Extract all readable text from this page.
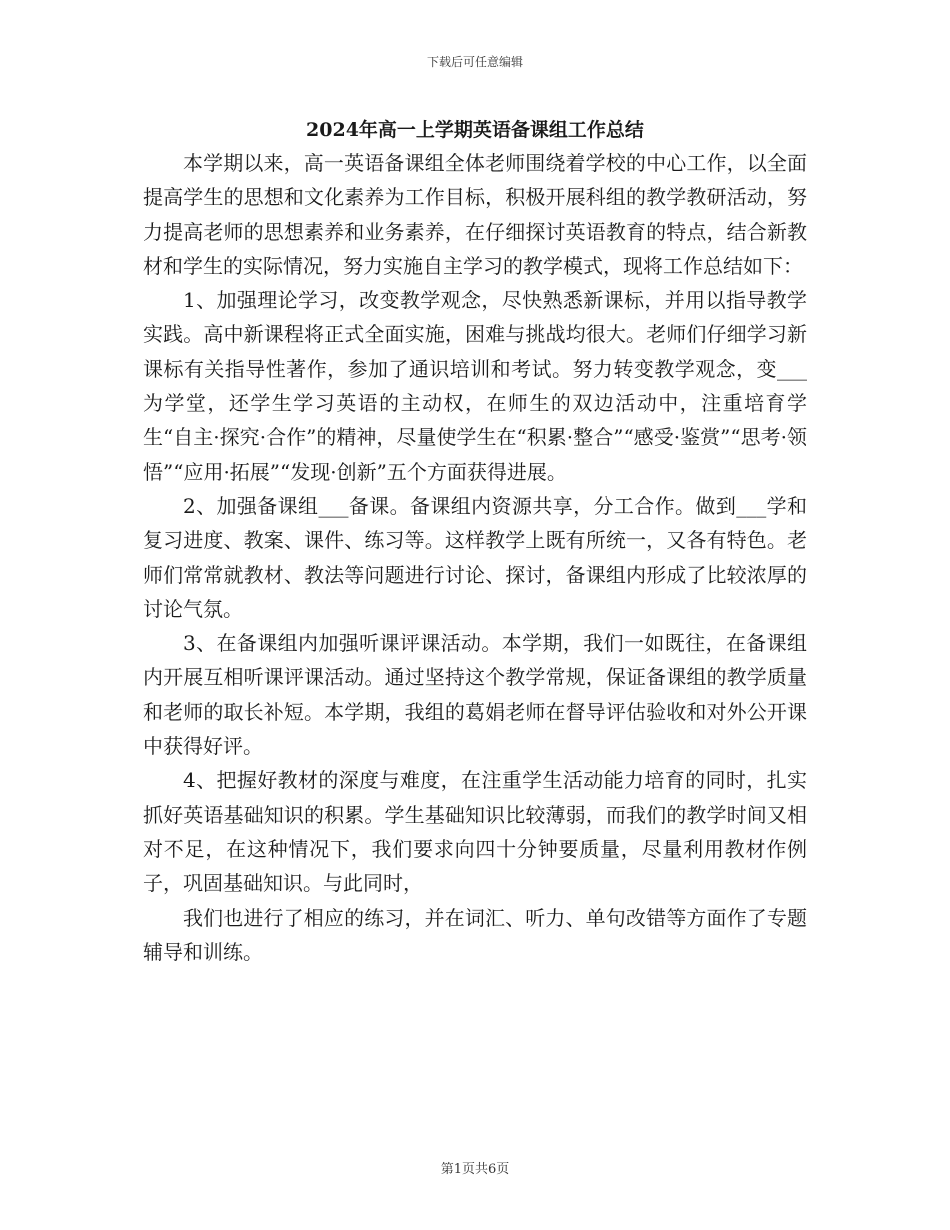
下载后可任意编辑
2024年高一上学期英语备课组工作总结

本学期以来，高一英语备课组全体老师围绕着学校的中心工作，以全面提高学生的思想和文化素养为工作目标，积极开展科组的教学教研活动，努力提高老师的思想素养和业务素养，在仔细探讨英语教育的特点，结合新教材和学生的实际情况，努力实施自主学习的教学模式，现将工作总结如下：

1、加强理论学习，改变教学观念，尽快熟悉新课标，并用以指导教学实践。高中新课程将正式全面实施，困难与挑战均很大。老师们仔细学习新课标有关指导性著作，参加了通识培训和考试。努力转变教学观念，变___为学堂，还学生学习英语的主动权，在师生的双边活动中，注重培育学生“自主·探究·合作”的精神，尽量使学生在“积累·整合”“感受·鉴赏”“思考·领悟”“应用·拓展”“发现·创新”五个方面获得进展。

2、加强备课组___备课。备课组内资源共享，分工合作。做到___学和复习进度、教案、课件、练习等。这样教学上既有所统一，又各有特色。老师们常常就教材、教法等问题进行讨论、探讨，备课组内形成了比较浓厚的讨论气氛。

3、在备课组内加强听课评课活动。本学期，我们一如既往，在备课组内开展互相听课评课活动。通过坚持这个教学常规，保证备课组的教学质量和老师的取长补短。本学期，我组的葛娟老师在督导评估验收和对外公开课中获得好评。

4、把握好教材的深度与难度，在注重学生活动能力培育的同时，扎实抓好英语基础知识的积累。学生基础知识比较薄弱，而我们的教学时间又相对不足，在这种情况下，我们要求向四十分钟要质量，尽量利用教材作例子，巩固基础知识。与此同时，

我们也进行了相应的练习，并在词汇、听力、单句改错等方面作了专题辅导和训练。

第1页共6页
